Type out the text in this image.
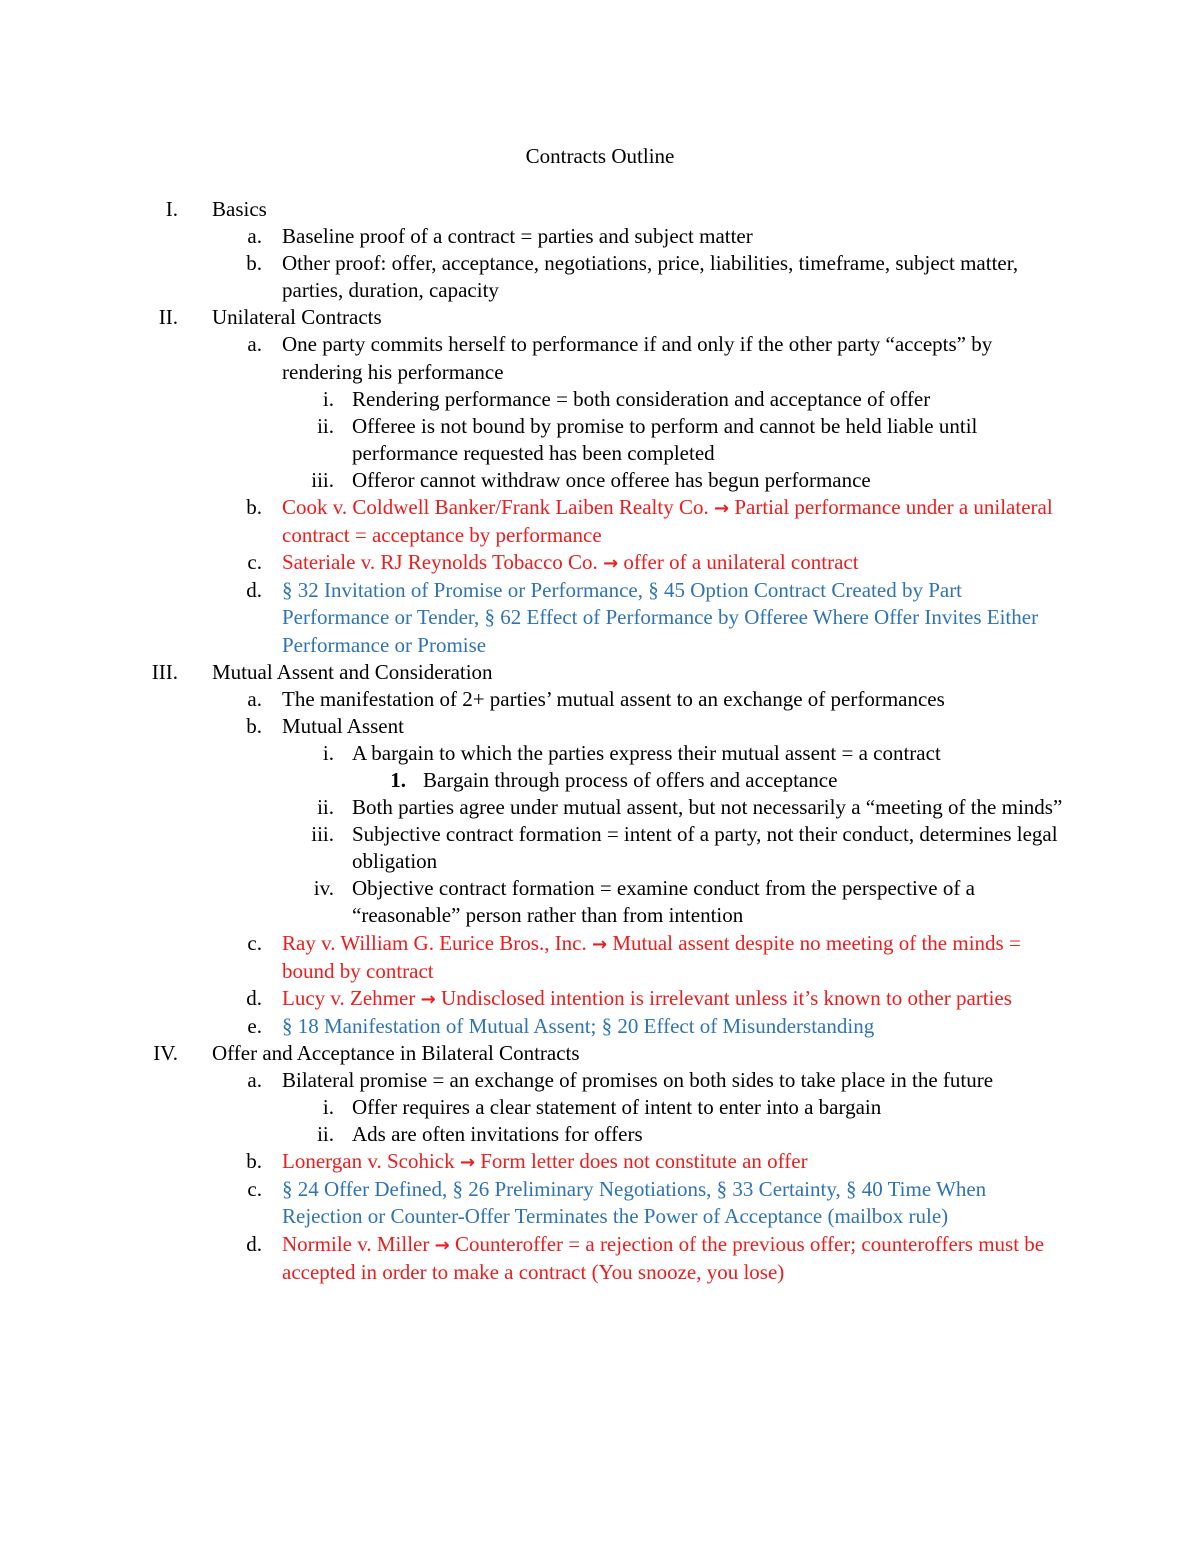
Contracts Outline
I. Basics
a. Baseline proof of a contract = parties and subject matter
b. Other proof: offer, acceptance, negotiations, price, liabilities, timeframe, subject matter, parties, duration, capacity
II. Unilateral Contracts
a. One party commits herself to performance if and only if the other party “accepts” by rendering his performance
i. Rendering performance = both consideration and acceptance of offer
ii. Offeree is not bound by promise to perform and cannot be held liable until performance requested has been completed
iii. Offeror cannot withdraw once offeree has begun performance
b. Cook v. Coldwell Banker/Frank Laiben Realty Co. → Partial performance under a unilateral contract = acceptance by performance
c. Sateriale v. RJ Reynolds Tobacco Co. → offer of a unilateral contract
d. § 32 Invitation of Promise or Performance, § 45 Option Contract Created by Part Performance or Tender, § 62 Effect of Performance by Offeree Where Offer Invites Either Performance or Promise
III. Mutual Assent and Consideration
a. The manifestation of 2+ parties’ mutual assent to an exchange of performances
b. Mutual Assent
i. A bargain to which the parties express their mutual assent = a contract
1. Bargain through process of offers and acceptance
ii. Both parties agree under mutual assent, but not necessarily a “meeting of the minds”
iii. Subjective contract formation = intent of a party, not their conduct, determines legal obligation
iv. Objective contract formation = examine conduct from the perspective of a “reasonable” person rather than from intention
c. Ray v. William G. Eurice Bros., Inc. → Mutual assent despite no meeting of the minds = bound by contract
d. Lucy v. Zehmer → Undisclosed intention is irrelevant unless it’s known to other parties
e. § 18 Manifestation of Mutual Assent; § 20 Effect of Misunderstanding
IV. Offer and Acceptance in Bilateral Contracts
a. Bilateral promise = an exchange of promises on both sides to take place in the future
i. Offer requires a clear statement of intent to enter into a bargain
ii. Ads are often invitations for offers
b. Lonergan v. Scohick → Form letter does not constitute an offer
c. § 24 Offer Defined, § 26 Preliminary Negotiations, § 33 Certainty, § 40 Time When Rejection or Counter-Offer Terminates the Power of Acceptance (mailbox rule)
d. Normile v. Miller → Counteroffer = a rejection of the previous offer; counteroffers must be accepted in order to make a contract (You snooze, you lose)
